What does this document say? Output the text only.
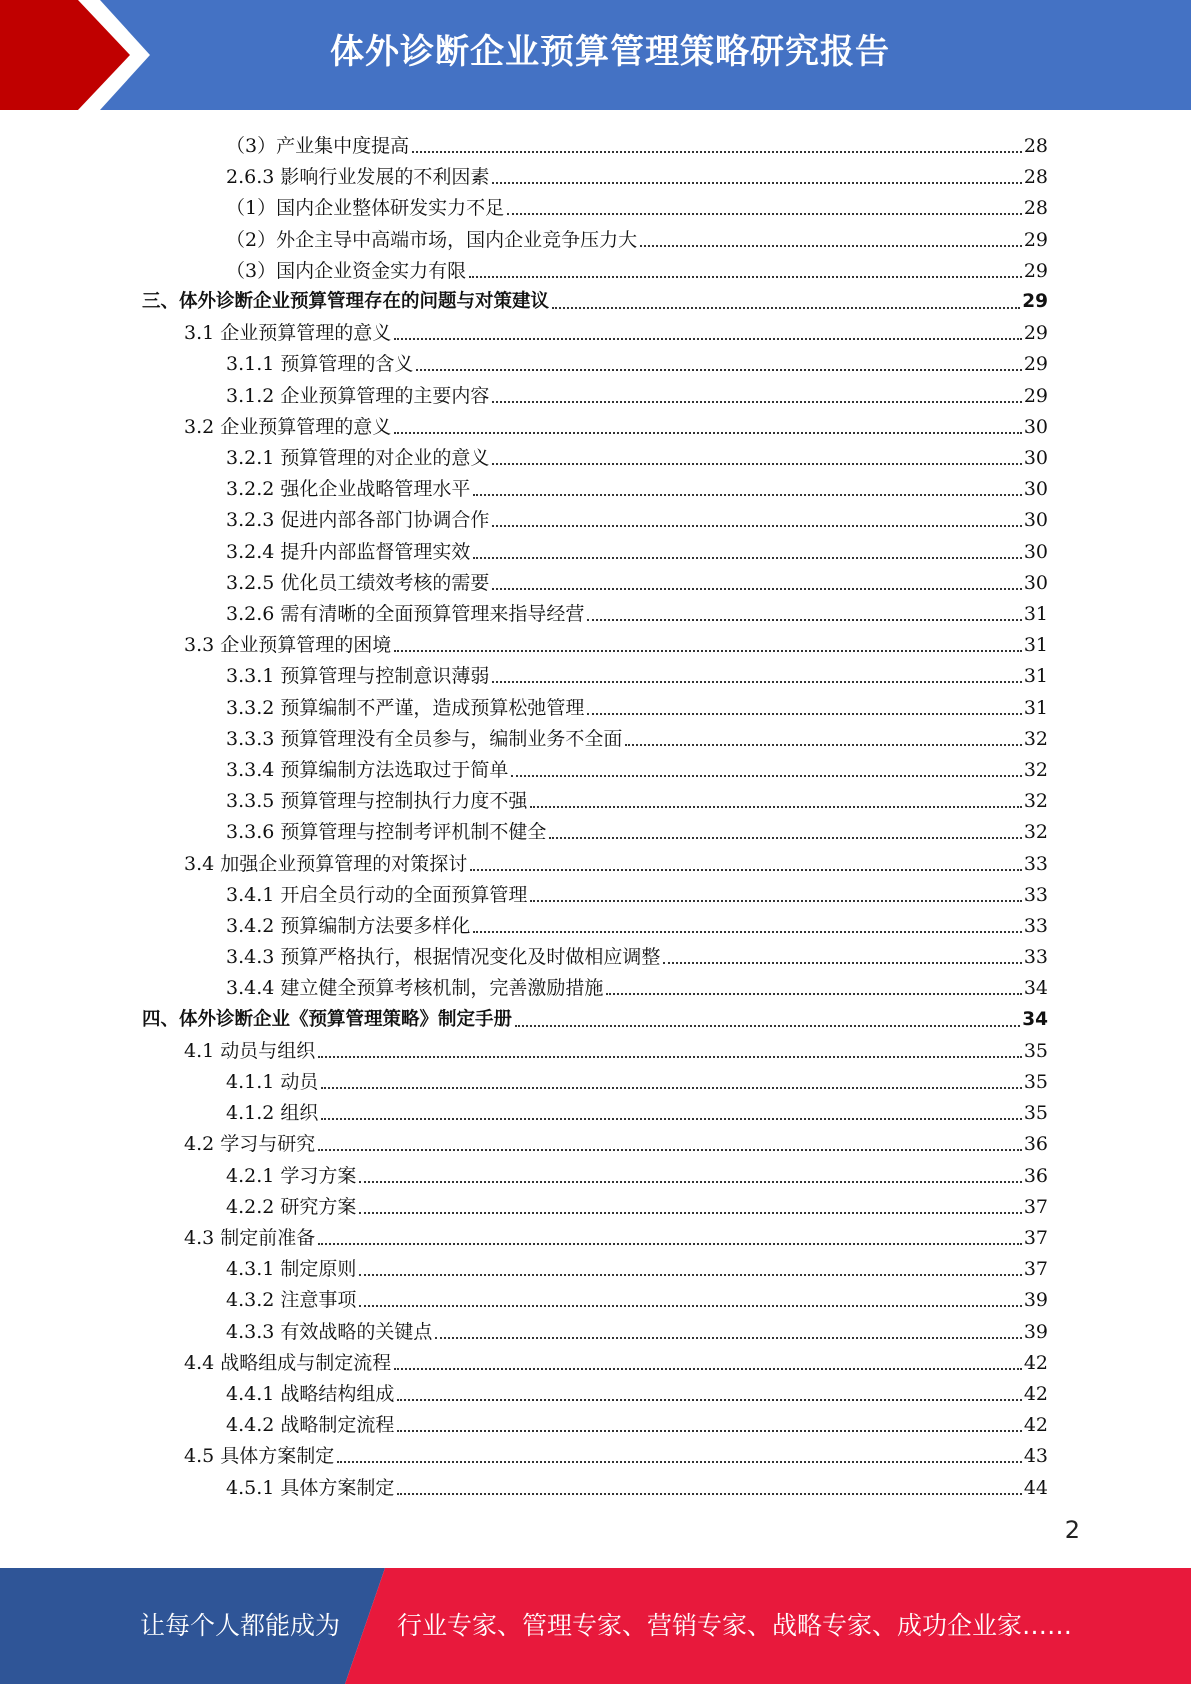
体外诊断企业预算管理策略研究报告
（3）产业集中度提高	28
2.6.3 影响行业发展的不利因素	28
（1）国内企业整体研发实力不足	28
（2）外企主导中高端市场，国内企业竞争压力大	29
（3）国内企业资金实力有限	29
三、体外诊断企业预算管理存在的问题与对策建议	29
3.1 企业预算管理的意义	29
3.1.1 预算管理的含义	29
3.1.2 企业预算管理的主要内容	29
3.2 企业预算管理的意义	30
3.2.1 预算管理的对企业的意义	30
3.2.2 强化企业战略管理水平	30
3.2.3 促进内部各部门协调合作	30
3.2.4 提升内部监督管理实效	30
3.2.5 优化员工绩效考核的需要	30
3.2.6 需有清晰的全面预算管理来指导经营	31
3.3 企业预算管理的困境	31
3.3.1 预算管理与控制意识薄弱	31
3.3.2 预算编制不严谨，造成预算松弛管理	31
3.3.3 预算管理没有全员参与，编制业务不全面	32
3.3.4 预算编制方法选取过于简单	32
3.3.5 预算管理与控制执行力度不强	32
3.3.6 预算管理与控制考评机制不健全	32
3.4 加强企业预算管理的对策探讨	33
3.4.1 开启全员行动的全面预算管理	33
3.4.2 预算编制方法要多样化	33
3.4.3 预算严格执行，根据情况变化及时做相应调整	33
3.4.4 建立健全预算考核机制，完善激励措施	34
四、体外诊断企业《预算管理策略》制定手册	34
4.1 动员与组织	35
4.1.1 动员	35
4.1.2 组织	35
4.2 学习与研究	36
4.2.1 学习方案	36
4.2.2 研究方案	37
4.3 制定前准备	37
4.3.1 制定原则	37
4.3.2 注意事项	39
4.3.3 有效战略的关键点	39
4.4 战略组成与制定流程	42
4.4.1 战略结构组成	42
4.4.2 战略制定流程	42
4.5 具体方案制定	43
4.5.1 具体方案制定	44
2
让每个人都能成为 行业专家、管理专家、营销专家、战略专家、成功企业家……
